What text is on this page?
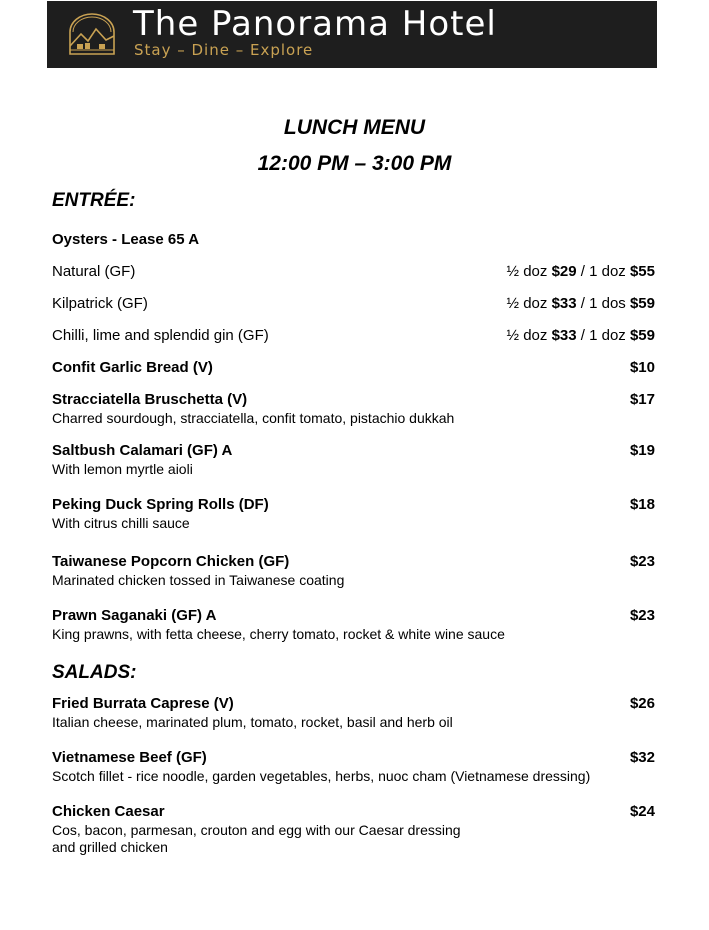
The Panorama Hotel
Stay – Dine – Explore
LUNCH MENU
12:00 PM – 3:00 PM
ENTRÉE:
Oysters - Lease 65 A
Natural (GF)	½ doz $29 / 1 doz $55
Kilpatrick (GF)	½ doz $33 / 1 dos $59
Chilli, lime and splendid gin (GF)	½ doz $33 / 1 doz $59
Confit Garlic Bread (V)	$10
Stracciatella Bruschetta (V)	$17
Charred sourdough, stracciatella, confit tomato, pistachio dukkah
Saltbush Calamari (GF) A	$19
With lemon myrtle aioli
Peking Duck Spring Rolls (DF)	$18
With citrus chilli sauce
Taiwanese Popcorn Chicken (GF)	$23
Marinated chicken tossed in Taiwanese coating
Prawn Saganaki (GF) A	$23
King prawns, with fetta cheese, cherry tomato, rocket & white wine sauce
SALADS:
Fried Burrata Caprese (V)	$26
Italian cheese, marinated plum, tomato, rocket, basil and herb oil
Vietnamese Beef (GF)	$32
Scotch fillet - rice noodle, garden vegetables, herbs, nuoc cham (Vietnamese dressing)
Chicken Caesar	$24
Cos, bacon, parmesan, crouton and egg with our Caesar dressing
and grilled chicken
